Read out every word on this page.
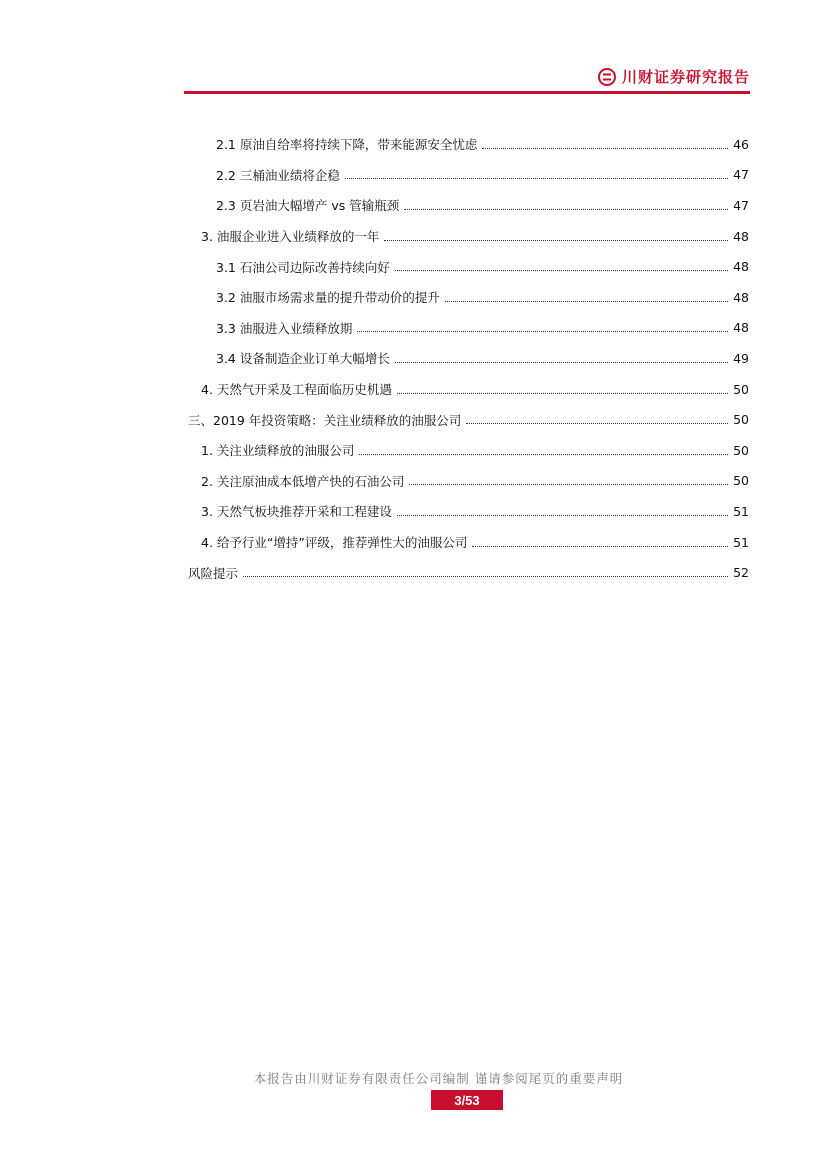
川财证券研究报告
2.1 原油自给率将持续下降，带来能源安全忧虑	46
2.2 三桶油业绩将企稳	47
2.3 页岩油大幅增产 vs 管输瓶颈	47
3. 油服企业进入业绩释放的一年	48
3.1 石油公司边际改善持续向好	48
3.2 油服市场需求量的提升带动价的提升	48
3.3 油服进入业绩释放期	48
3.4 设备制造企业订单大幅增长	49
4. 天然气开采及工程面临历史机遇	50
三、2019 年投资策略：关注业绩释放的油服公司	50
1. 关注业绩释放的油服公司	50
2. 关注原油成本低增产快的石油公司	50
3. 天然气板块推荐开采和工程建设	51
4. 给予行业“增持”评级，推荐弹性大的油服公司	51
风险提示	52
本报告由川财证券有限责任公司编制 谨请参阅尾页的重要声明
3/53
